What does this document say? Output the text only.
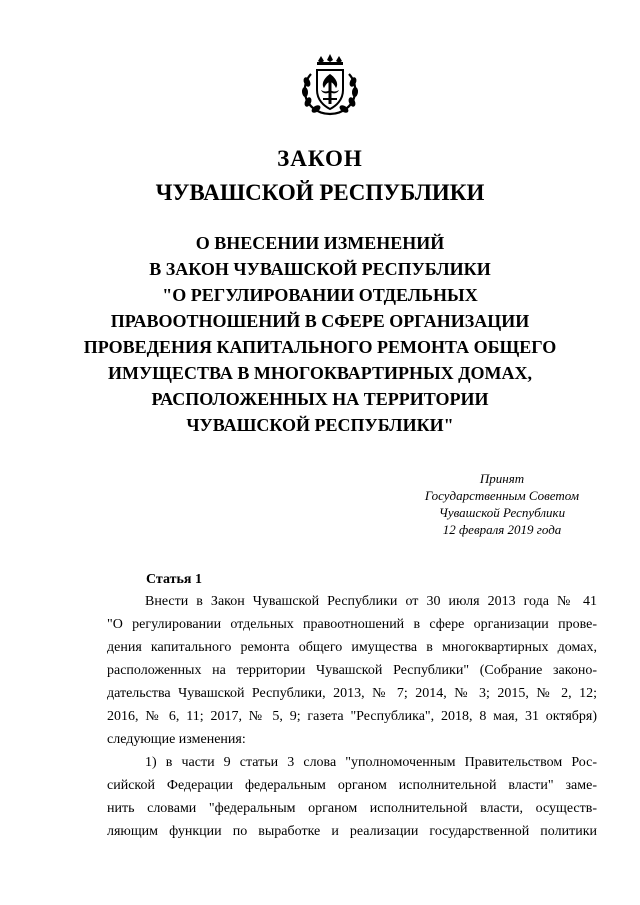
ЗАКОН
ЧУВАШСКОЙ РЕСПУБЛИКИ
О ВНЕСЕНИИ ИЗМЕНЕНИЙ
В ЗАКОН ЧУВАШСКОЙ РЕСПУБЛИКИ
"О РЕГУЛИРОВАНИИ ОТДЕЛЬНЫХ
ПРАВООТНОШЕНИЙ В СФЕРЕ ОРГАНИЗАЦИИ
ПРОВЕДЕНИЯ КАПИТАЛЬНОГО РЕМОНТА ОБЩЕГО
ИМУЩЕСТВА В МНОГОКВАРТИРНЫХ ДОМАХ,
РАСПОЛОЖЕННЫХ НА ТЕРРИТОРИИ
ЧУВАШСКОЙ РЕСПУБЛИКИ"
Принят
Государственным Советом
Чувашской Республики
12 февраля 2019 года
Статья 1
Внести в Закон Чувашской Республики от 30 июля 2013 года № 41
"О регулировании отдельных правоотношений в сфере организации прове-
дения капитального ремонта общего имущества в многоквартирных домах,
расположенных на территории Чувашской Республики" (Собрание законо-
дательства Чувашской Республики, 2013, № 7; 2014, № 3; 2015, № 2, 12;
2016, № 6, 11; 2017, № 5, 9; газета "Республика", 2018, 8 мая, 31 октября)
следующие изменения:
1) в части 9 статьи 3 слова "уполномоченным Правительством Рос-
сийской Федерации федеральным органом исполнительной власти" заме-
нить словами "федеральным органом исполнительной власти, осуществ-
ляющим функции по выработке и реализации государственной политики
